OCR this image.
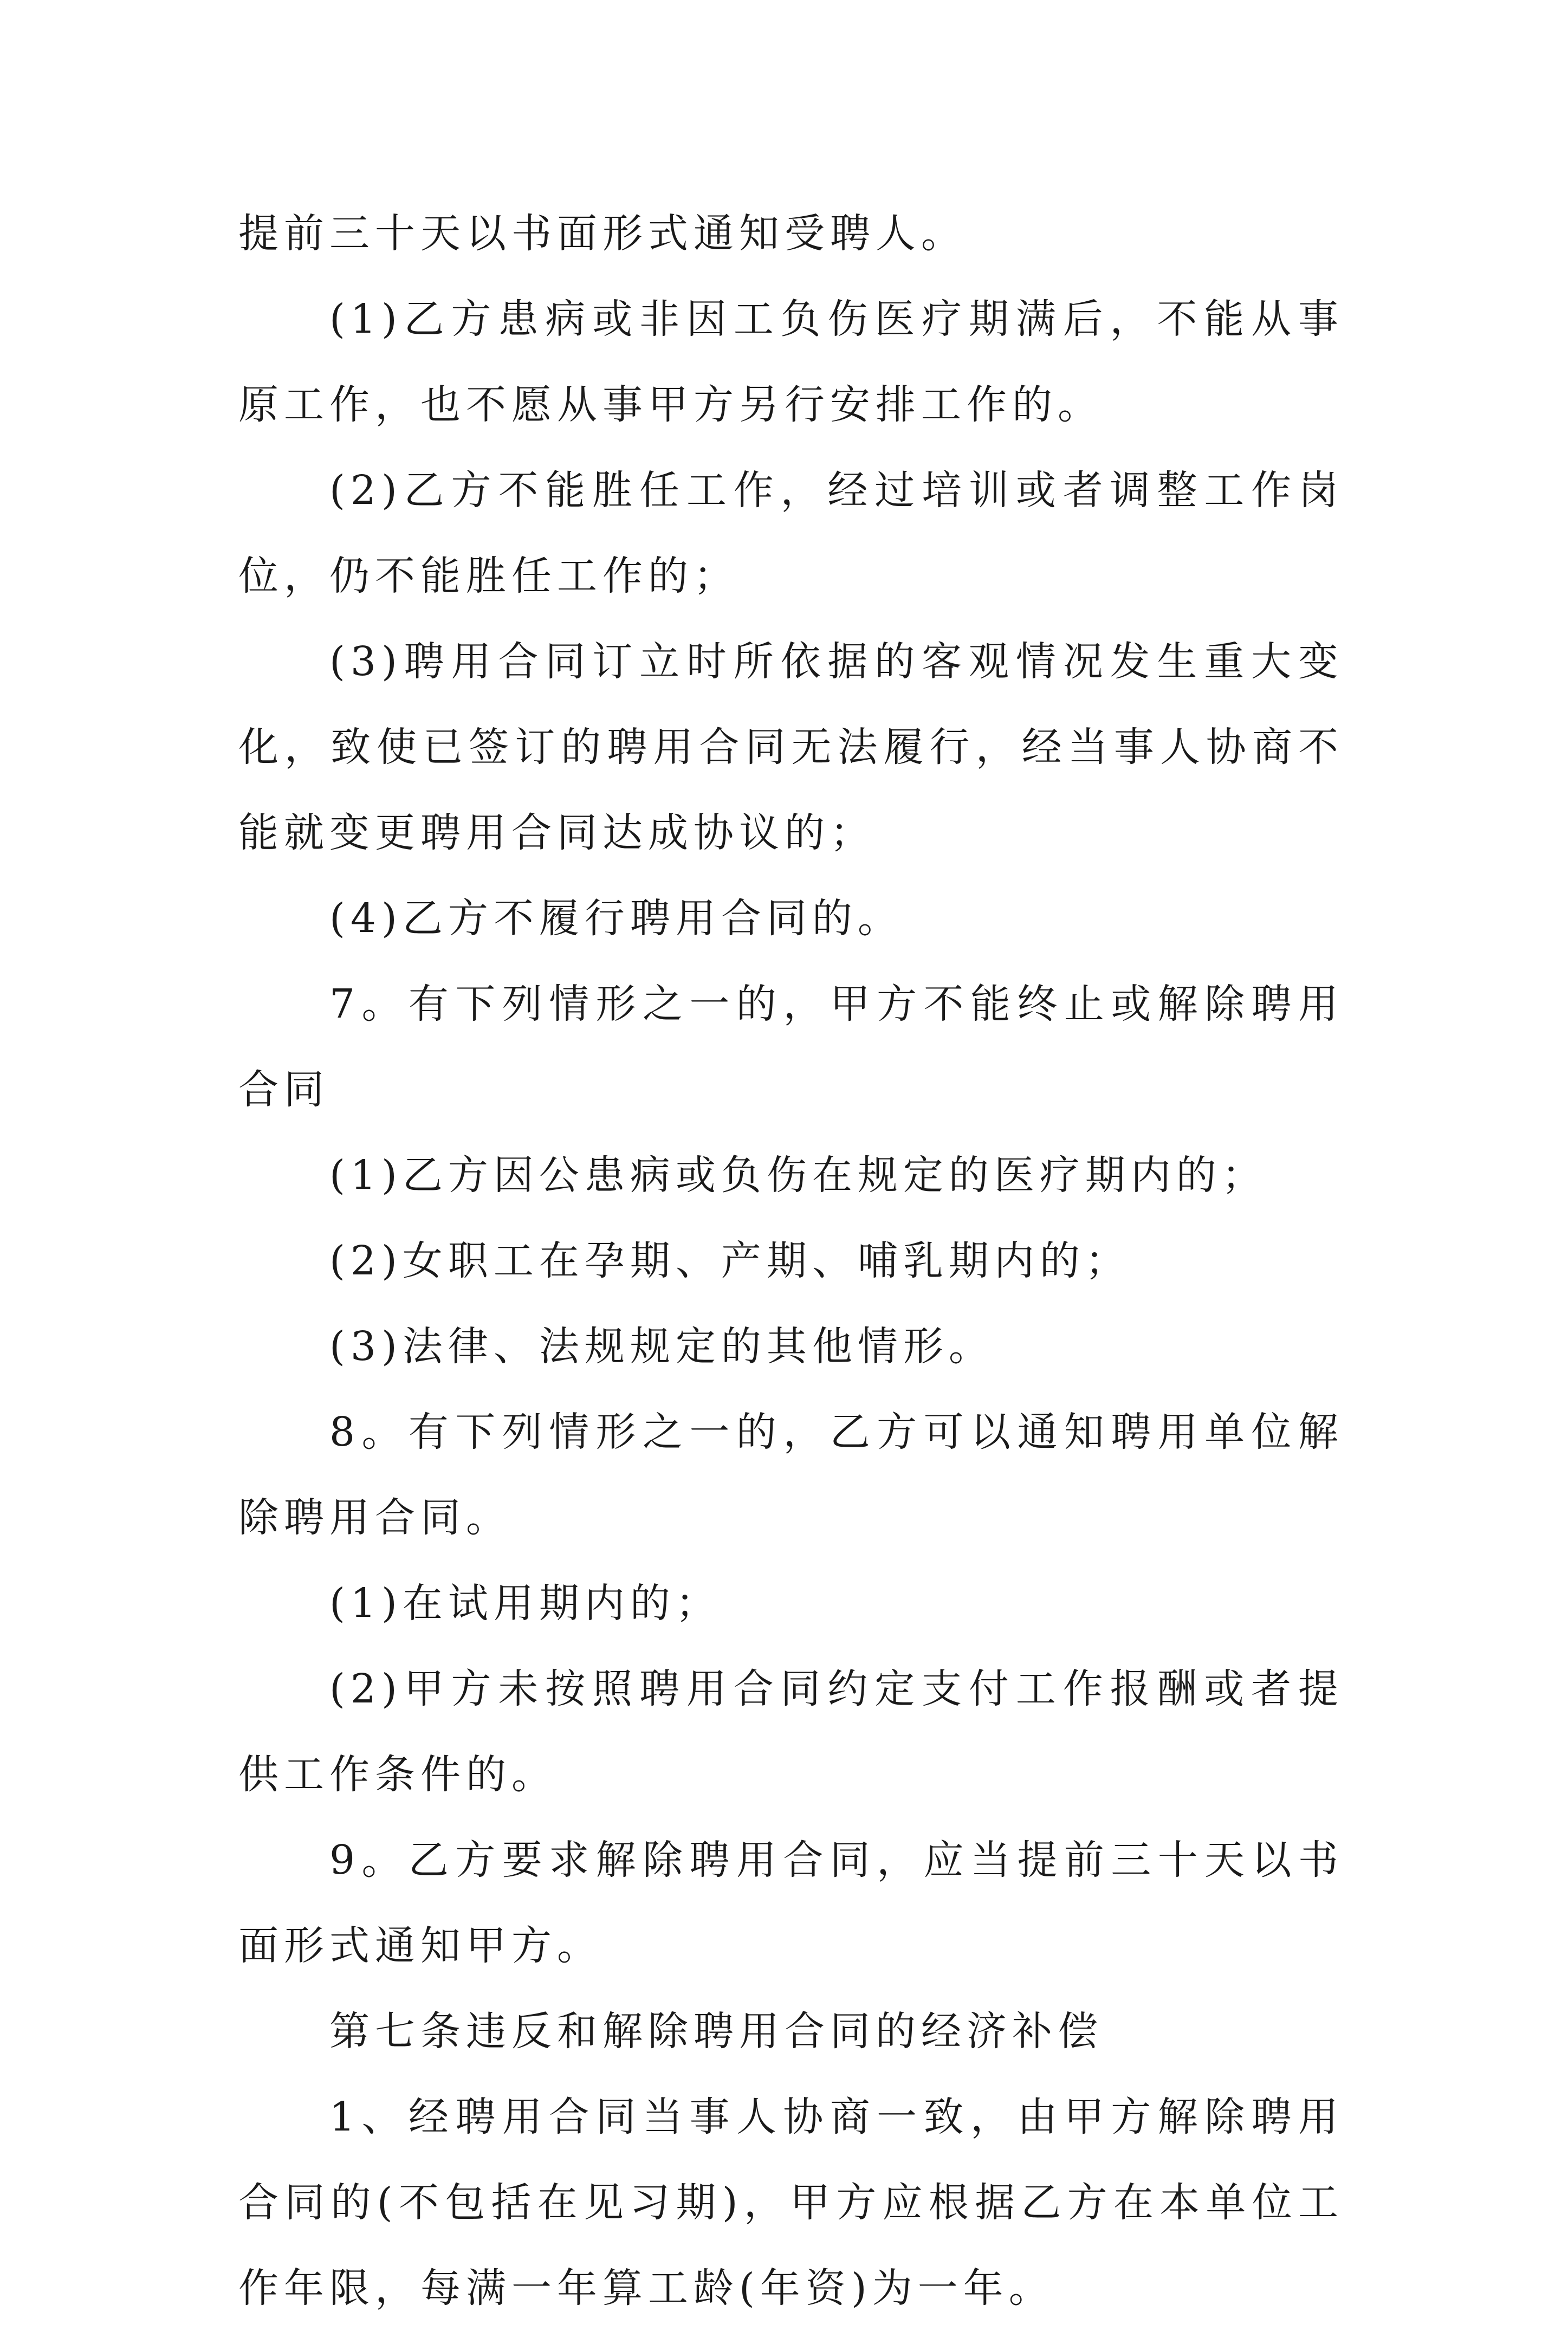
提前三十天以书面形式通知受聘人。

(1)乙方患病或非因工负伤医疗期满后，不能从事原工作，也不愿从事甲方另行安排工作的。

(2)乙方不能胜任工作，经过培训或者调整工作岗位，仍不能胜任工作的；

(3)聘用合同订立时所依据的客观情况发生重大变化，致使已签订的聘用合同无法履行，经当事人协商不能就变更聘用合同达成协议的；

(4)乙方不履行聘用合同的。

7。有下列情形之一的，甲方不能终止或解除聘用合同

(1)乙方因公患病或负伤在规定的医疗期内的；

(2)女职工在孕期、产期、哺乳期内的；

(3)法律、法规规定的其他情形。

8。有下列情形之一的，乙方可以通知聘用单位解除聘用合同。

(1)在试用期内的；

(2)甲方未按照聘用合同约定支付工作报酬或者提供工作条件的。

9。乙方要求解除聘用合同，应当提前三十天以书面形式通知甲方。

第七条违反和解除聘用合同的经济补偿

1、经聘用合同当事人协商一致，由甲方解除聘用合同的(不包括在见习期)，甲方应根据乙方在本单位工作年限，每满一年算工龄(年资)为一年。
